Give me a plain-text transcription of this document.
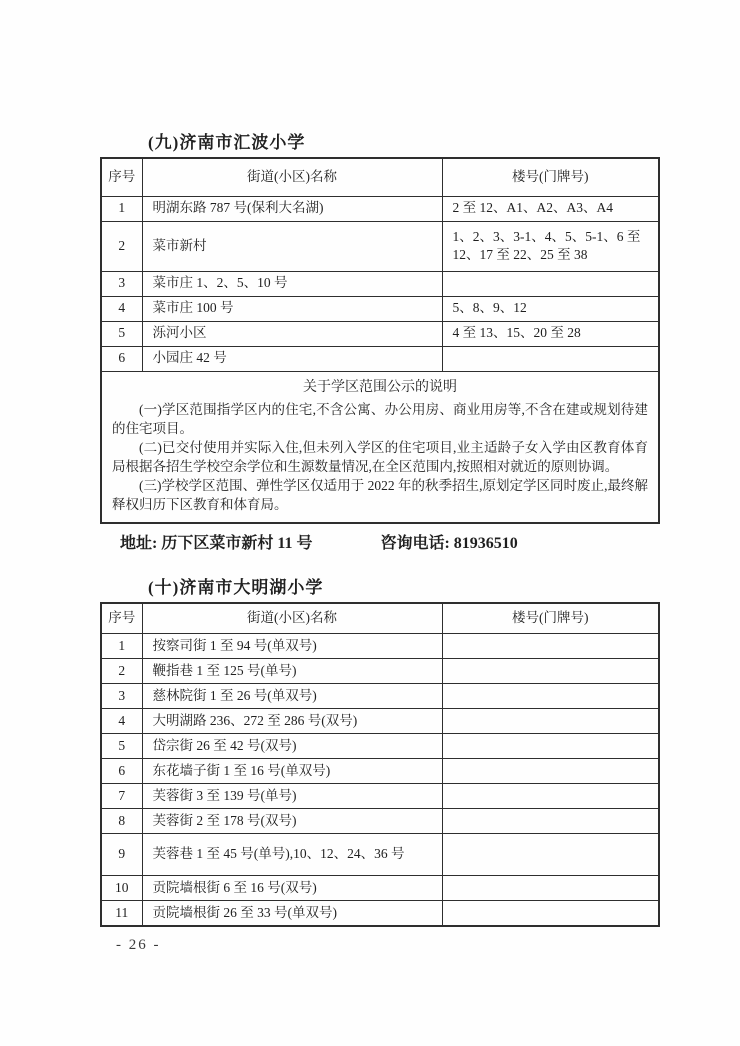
(九)济南市汇波小学
序号	街道(小区)名称	楼号(门牌号)
1	明湖东路 787 号(保利大名湖)	2 至 12、A1、A2、A3、A4
2	菜市新村	1、2、3、3-1、4、5、5-1、6 至 12、17 至 22、25 至 38
3	菜市庄 1、2、5、10 号	
4	菜市庄 100 号	5、8、9、12
5	泺河小区	4 至 13、15、20 至 28
6	小园庄 42 号	

关于学区范围公示的说明

(一)学区范围指学区内的住宅,不含公寓、办公用房、商业用房等,不含在建或规划待建的住宅项目。

(二)已交付使用并实际入住,但未列入学区的住宅项目,业主适龄子女入学由区教育体育局根据各招生学校空余学位和生源数量情况,在全区范围内,按照相对就近的原则协调。

(三)学校学区范围、弹性学区仅适用于 2022 年的秋季招生,原划定学区同时废止,最终解释权归历下区教育和体育局。		

地址: 历下区菜市新村 11 号	咨询电话: 81936510
(十)济南市大明湖小学
序号	街道(小区)名称	楼号(门牌号)
1	按察司街 1 至 94 号(单双号)	
2	鞭指巷 1 至 125 号(单号)	
3	慈林院街 1 至 26 号(单双号)	
4	大明湖路 236、272 至 286 号(双号)	
5	岱宗街 26 至 42 号(双号)	
6	东花墙子街 1 至 16 号(单双号)	
7	芙蓉街 3 至 139 号(单号)	
8	芙蓉街 2 至 178 号(双号)	
9	芙蓉巷 1 至 45 号(单号),10、12、24、36 号	
10	贡院墙根街 6 至 16 号(双号)	
11	贡院墙根街 26 至 33 号(单双号)	
- 26 -
